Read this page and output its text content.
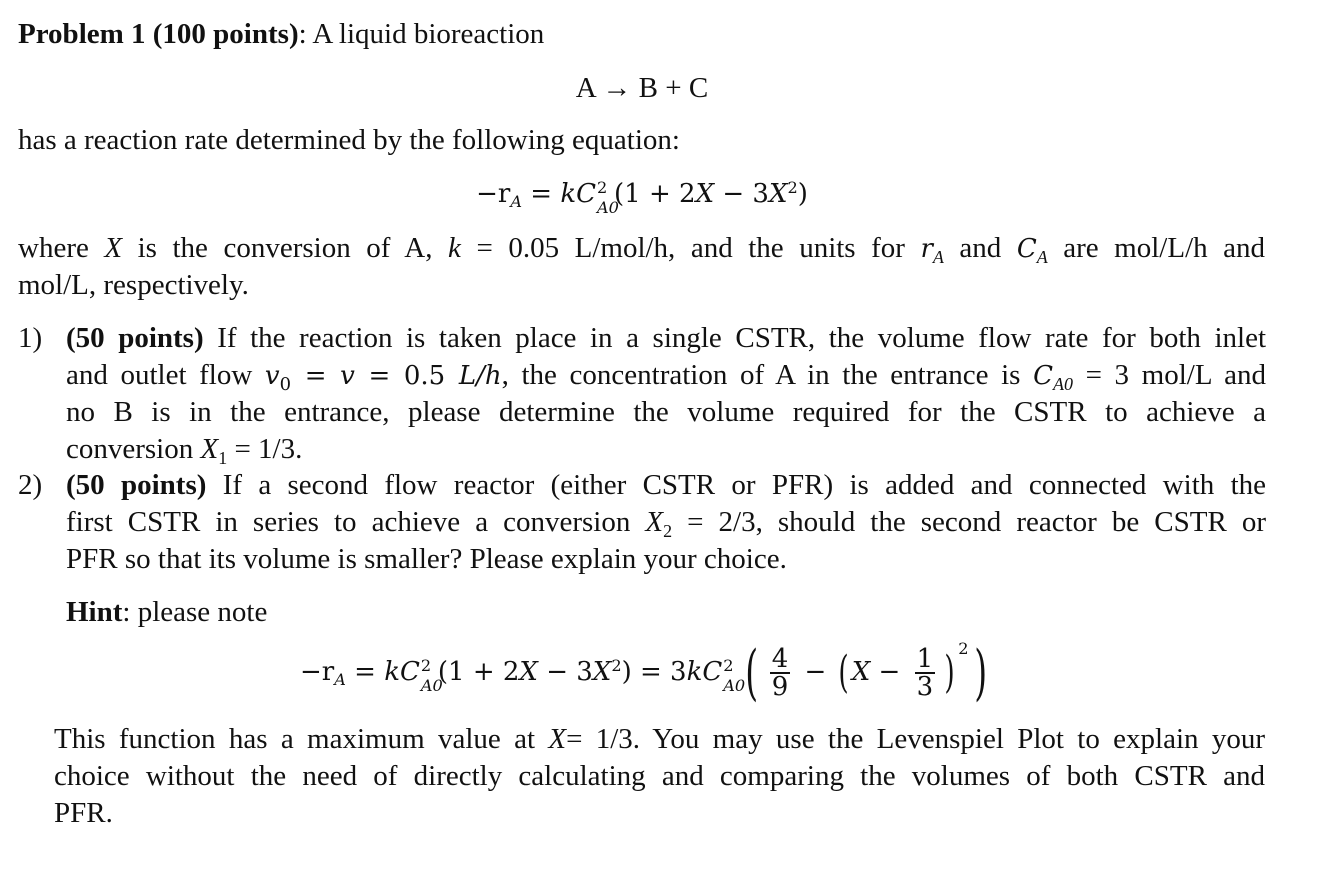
Problem 1 (100 points): A liquid bioreaction
A → B + C
has a reaction rate determined by the following equation:
−rA = kC 2
A0
$(1 + 2X - 3X^2)$
where X is the conversion of A, k = 0.05 L/mol/h, and the units for rA and CA are mol/L/h and
mol/L, respectively.
1) (50 points) If the reaction is taken place in a single CSTR, the volume flow rate for both inlet
and outlet flow v0 = v = 0.5 L/h, the concentration of A in the entrance is CA0 = 3 mol/L and
no B is in the entrance, please determine the volume required for the CSTR to achieve a
conversion X1 = 1/3.
2) (50 points) If a second flow reactor (either CSTR or PFR) is added and connected with the
first CSTR in series to achieve a conversion X2 = 2/3, should the second reactor be CSTR or
PFR so that its volume is smaller? Please explain your choice.
Hint: please note
−rA = kC 2
A0
$(1 + 2X - 3X^2) = 3kC$ 2
A0 ( $\frac{4}{9}$ − ( $X - \frac{1}{3}$ ) $^2$)
This function has a maximum value at X= 1/3. You may use the Levenspiel Plot to explain your
choice without the need of directly calculating and comparing the volumes of both CSTR and
PFR.
